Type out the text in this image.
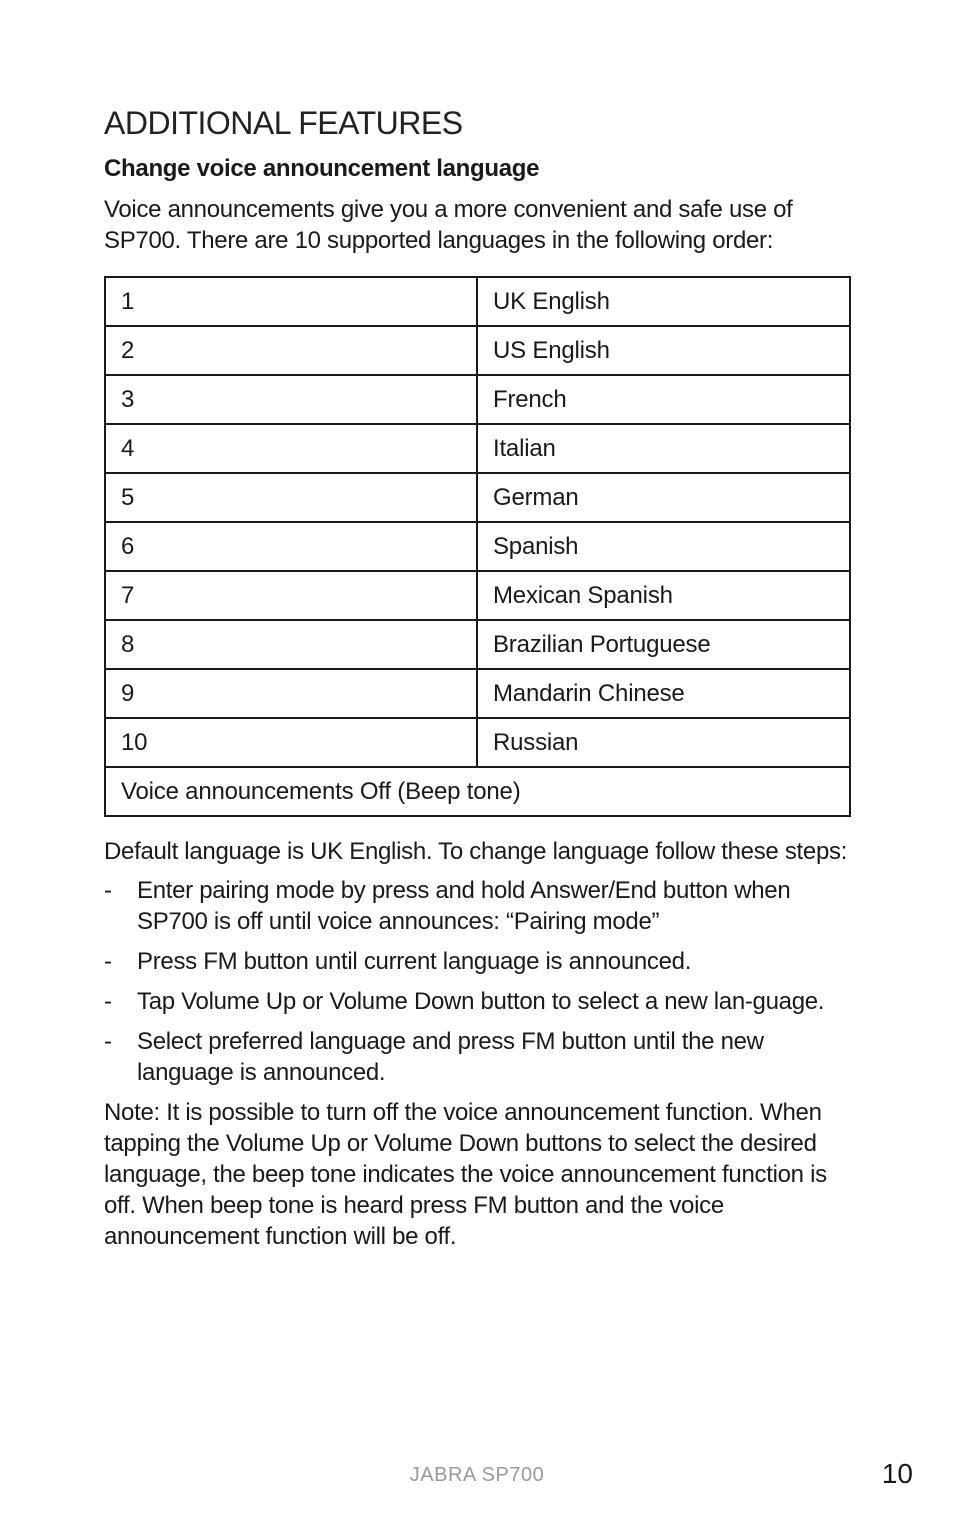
ADDITIONAL FEATURES
Change voice announcement language

Voice announcements give you a more convenient and safe use of SP700. There are 10 supported languages in the following order:

1	UK English
2	US English
3	French
4	Italian
5	German
6	Spanish
7	Mexican Spanish
8	Brazilian Portuguese
9	Mandarin Chinese
10	Russian
Voice announcements Off (Beep tone)	

Default language is UK English. To change language follow these steps:

- Enter pairing mode by press and hold Answer/End button when SP700 is off until voice announces: “Pairing mode”
- Press FM button until current language is announced.
- Tap Volume Up or Volume Down button to select a new lan-guage.
- Select preferred language and press FM button until the new language is announced.

Note: It is possible to turn off the voice announcement function. When tapping the Volume Up or Volume Down buttons to select the desired language, the beep tone indicates the voice announcement function is off. When beep tone is heard press FM button and the voice announcement function will be off.

JABRA SP700	10
